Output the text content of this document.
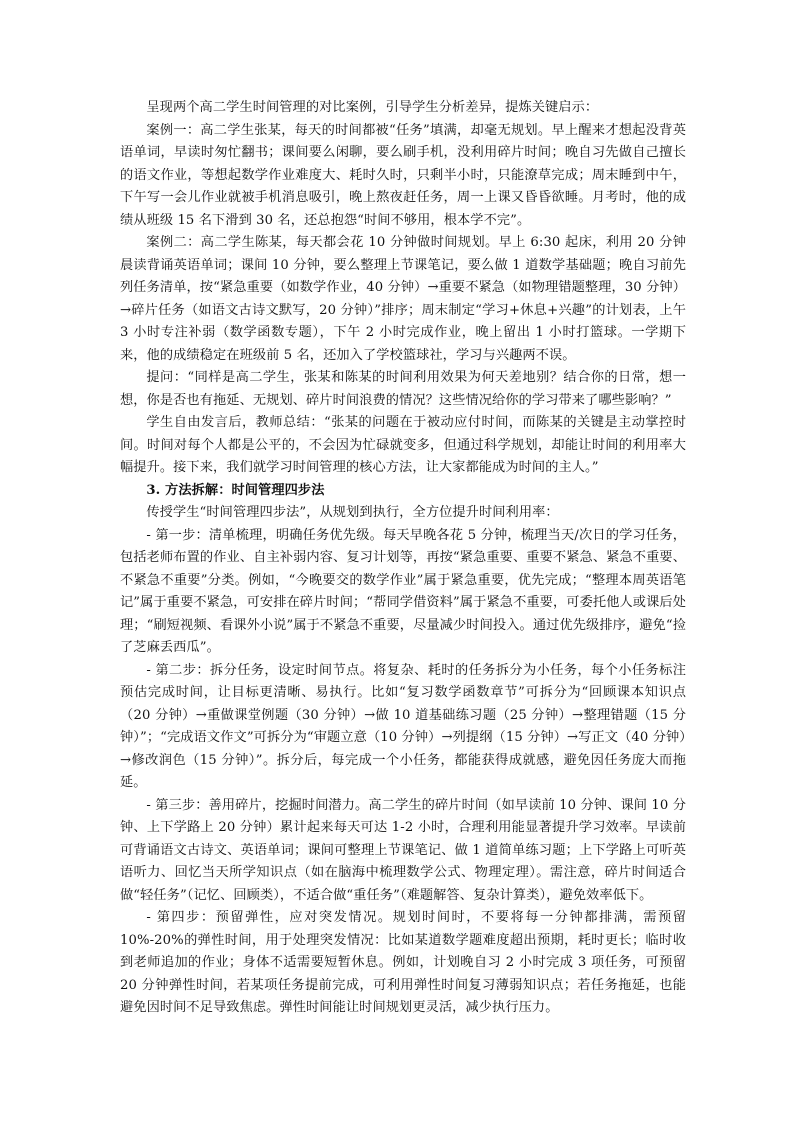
呈现两个高二学生时间管理的对比案例，引导学生分析差异，提炼关键启示：

案例一：高二学生张某，每天的时间都被“任务”填满，却毫无规划。早上醒来才想起没背英语单词，早读时匆忙翻书；课间要么闲聊，要么刷手机，没利用碎片时间；晚自习先做自己擅长的语文作业，等想起数学作业难度大、耗时久时，只剩半小时，只能潦草完成；周末睡到中午，下午写一会儿作业就被手机消息吸引，晚上熬夜赶任务，周一上课又昏昏欲睡。月考时，他的成绩从班级 15 名下滑到 30 名，还总抱怨“时间不够用，根本学不完”。

案例二：高二学生陈某，每天都会花 10 分钟做时间规划。早上 6:30 起床，利用 20 分钟晨读背诵英语单词；课间 10 分钟，要么整理上节课笔记，要么做 1 道数学基础题；晚自习前先列任务清单，按“紧急重要（如数学作业，40 分钟）→重要不紧急（如物理错题整理，30 分钟）→碎片任务（如语文古诗文默写，20 分钟）”排序；周末制定“学习+休息+兴趣”的计划表，上午 3 小时专注补弱（数学函数专题），下午 2 小时完成作业，晚上留出 1 小时打篮球。一学期下来，他的成绩稳定在班级前 5 名，还加入了学校篮球社，学习与兴趣两不误。

提问：“同样是高二学生，张某和陈某的时间利用效果为何天差地别？结合你的日常，想一想，你是否也有拖延、无规划、碎片时间浪费的情况？这些情况给你的学习带来了哪些影响？”

学生自由发言后，教师总结：“张某的问题在于被动应付时间，而陈某的关键是主动掌控时间。时间对每个人都是公平的，不会因为忙碌就变多，但通过科学规划，却能让时间的利用率大幅提升。接下来，我们就学习时间管理的核心方法，让大家都能成为时间的主人。”

3. 方法拆解：时间管理四步法

传授学生“时间管理四步法”，从规划到执行，全方位提升时间利用率：

- 第一步：清单梳理，明确任务优先级。每天早晚各花 5 分钟，梳理当天/次日的学习任务，包括老师布置的作业、自主补弱内容、复习计划等，再按“紧急重要、重要不紧急、紧急不重要、不紧急不重要”分类。例如，“今晚要交的数学作业”属于紧急重要，优先完成；“整理本周英语笔记”属于重要不紧急，可安排在碎片时间；“帮同学借资料”属于紧急不重要，可委托他人或课后处理；“刷短视频、看课外小说”属于不紧急不重要，尽量减少时间投入。通过优先级排序，避免“捡了芝麻丢西瓜”。

- 第二步：拆分任务，设定时间节点。将复杂、耗时的任务拆分为小任务，每个小任务标注预估完成时间，让目标更清晰、易执行。比如“复习数学函数章节”可拆分为“回顾课本知识点（20 分钟）→重做课堂例题（30 分钟）→做 10 道基础练习题（25 分钟）→整理错题（15 分钟）”；“完成语文作文”可拆分为“审题立意（10 分钟）→列提纲（15 分钟）→写正文（40 分钟）→修改润色（15 分钟）”。拆分后，每完成一个小任务，都能获得成就感，避免因任务庞大而拖延。

- 第三步：善用碎片，挖掘时间潜力。高二学生的碎片时间（如早读前 10 分钟、课间 10 分钟、上下学路上 20 分钟）累计起来每天可达 1-2 小时，合理利用能显著提升学习效率。早读前可背诵语文古诗文、英语单词；课间可整理上节课笔记、做 1 道简单练习题；上下学路上可听英语听力、回忆当天所学知识点（如在脑海中梳理数学公式、物理定理）。需注意，碎片时间适合做“轻任务”（记忆、回顾类），不适合做“重任务”（难题解答、复杂计算类），避免效率低下。

- 第四步：预留弹性，应对突发情况。规划时间时，不要将每一分钟都排满，需预留 10%-20%的弹性时间，用于处理突发情况：比如某道数学题难度超出预期，耗时更长；临时收到老师追加的作业；身体不适需要短暂休息。例如，计划晚自习 2 小时完成 3 项任务，可预留 20 分钟弹性时间，若某项任务提前完成，可利用弹性时间复习薄弱知识点；若任务拖延，也能避免因时间不足导致焦虑。弹性时间能让时间规划更灵活，减少执行压力。
